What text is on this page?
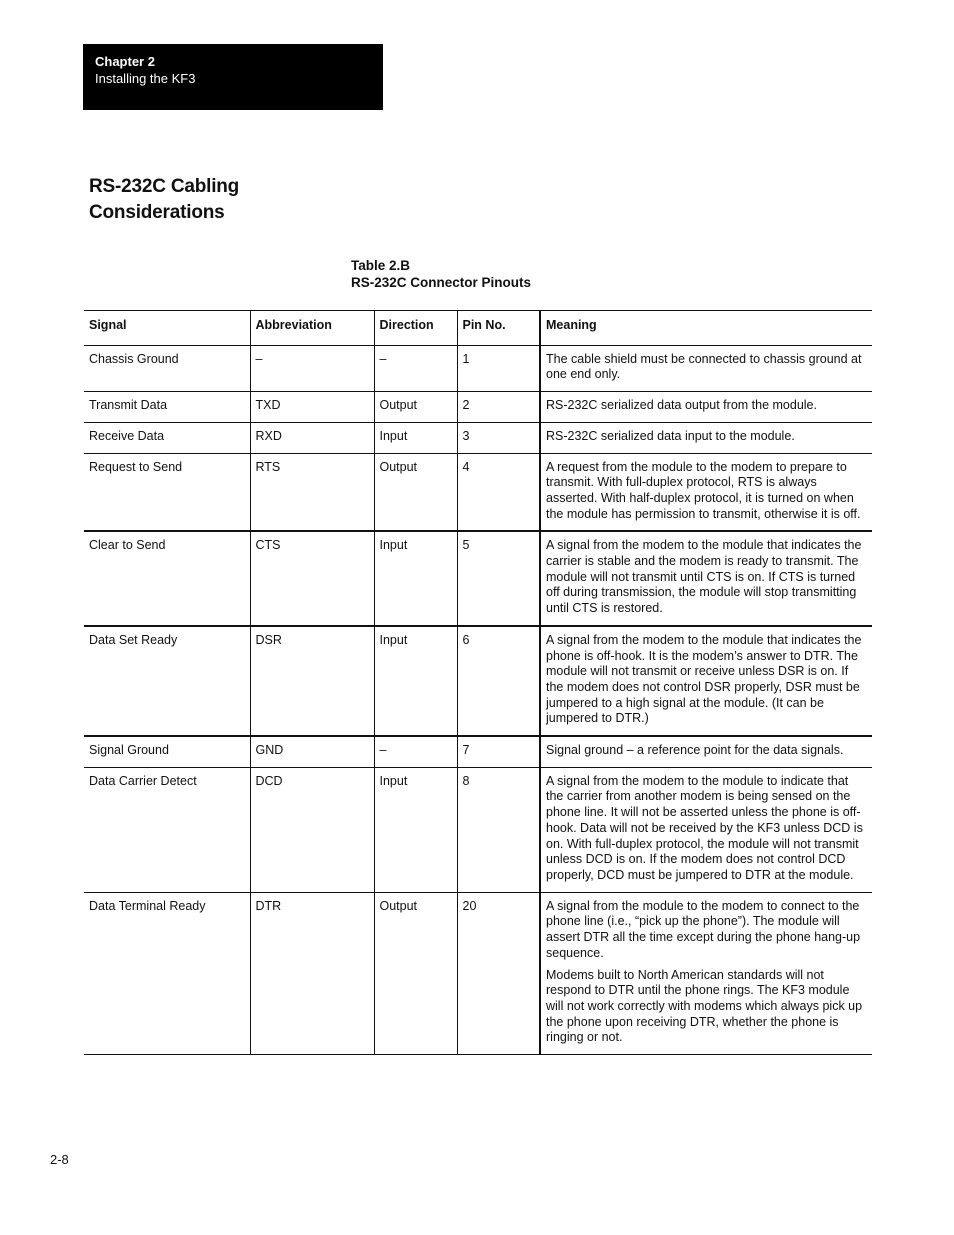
Chapter 2
Installing the KF3
RS-232C Cabling
Considerations
Table 2.B
RS-232C Connector Pinouts
Signal	Abbreviation	Direction	Pin No.	Meaning
Chassis Ground	–	–	1	The cable shield must be connected to chassis ground at one end only.

Transmit Data	TXD	Output	2	RS-232C serialized data output from the module.

Receive Data	RXD	Input	3	RS-232C serialized data input to the module.

Request to Send	RTS	Output	4	A request from the module to the modem to prepare to transmit. With full-duplex protocol, RTS is always asserted. With half-duplex protocol, it is turned on when the module has permission to transmit, otherwise it is off.

Clear to Send	CTS	Input	5	A signal from the modem to the module that indicates the carrier is stable and the modem is ready to transmit. The module will not transmit until CTS is on. If CTS is turned off during transmission, the module will stop transmitting until CTS is restored.

Data Set Ready	DSR	Input	6	A signal from the modem to the module that indicates the phone is off-hook. It is the modem’s answer to DTR. The module will not transmit or receive unless DSR is on. If the modem does not control DSR properly, DSR must be jumpered to a high signal at the module. (It can be jumpered to DTR.)

Signal Ground	GND	–	7	Signal ground – a reference point for the data signals.

Data Carrier Detect	DCD	Input	8	A signal from the modem to the module to indicate that the carrier from another modem is being sensed on the phone line. It will not be asserted unless the phone is off-hook. Data will not be received by the KF3 unless DCD is on. With full-duplex protocol, the module will not transmit unless DCD is on. If the modem does not control DCD properly, DCD must be jumpered to DTR at the module.

Data Terminal Ready	DTR	Output	20	A signal from the module to the modem to connect to the phone line (i.e., “pick up the phone”). The module will assert DTR all the time except during the phone hang-up sequence.

Modems built to North American standards will not respond to DTR until the phone rings. The KF3 module will not work correctly with modems which always pick up the phone upon receiving DTR, whether the phone is ringing or not.

2-8
